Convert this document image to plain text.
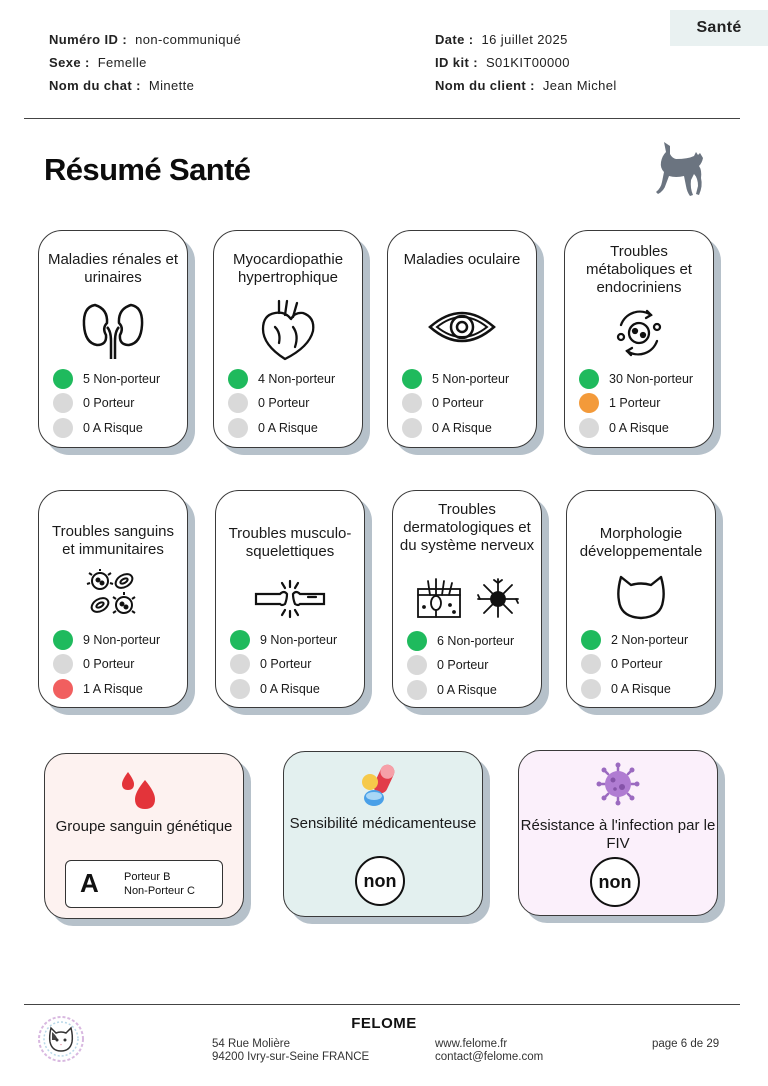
Santé
Numéro ID : non-communiqué
Sexe : Femelle
Nom du chat : Minette
Date : 16 juillet 2025
ID kit : S01KIT00000
Nom du client : Jean Michel
Résumé Santé
Maladies rénales et urinaires
5 Non-porteur
0 Porteur
0 A Risque
Myocardiopathie hypertrophique
4 Non-porteur
0 Porteur
0 A Risque
Maladies oculaire
5 Non-porteur
0 Porteur
0 A Risque
Troubles métaboliques et endocriniens
30 Non-porteur
1 Porteur
0 A Risque
Troubles sanguins et immunitaires
9 Non-porteur
0 Porteur
1 A Risque
Troubles musculo-squelettiques
9 Non-porteur
0 Porteur
0 A Risque
Troubles dermatologiques et du système nerveux
6 Non-porteur
0 Porteur
0 A Risque
Morphologie développementale
2 Non-porteur
0 Porteur
0 A Risque
Groupe sanguin génétique
A Porteur B
Non-Porteur C
Sensibilité médicamenteuse
non
Résistance à l'infection par le FIV
non
FELOME
54 Rue Molière
94200 Ivry-sur-Seine FRANCE
www.felome.fr
contact@felome.com
page 6 de 29
